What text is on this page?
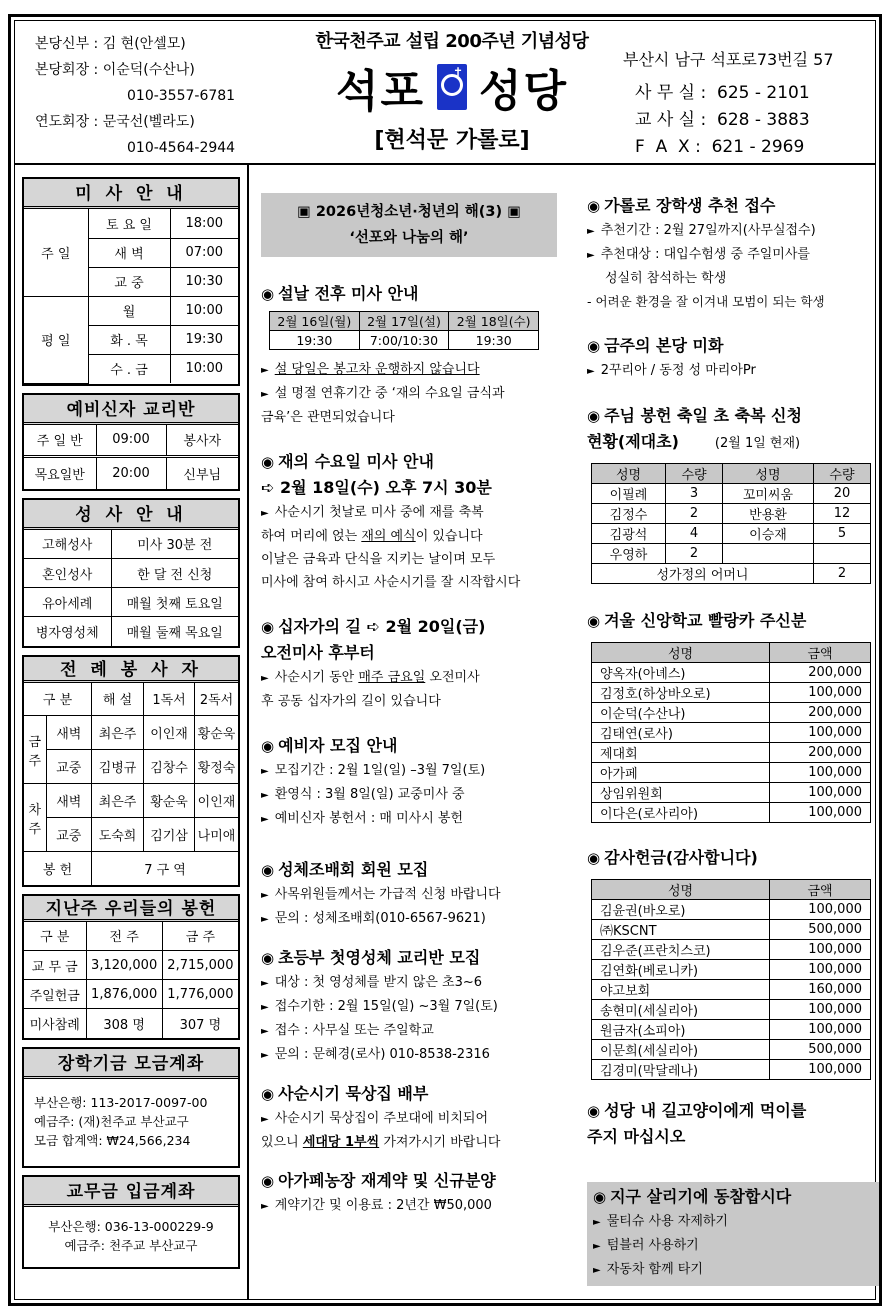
본당신부 : 김 현(안셀모)
본당회장 : 이순덕(수산나)
010-3557-6781
연도회장 : 문국선(벨라도)
010-4564-2944
한국천주교 설립 200주년 기념성당
석포 ✝ 성당
[현석문 가롤로]
부산시 남구 석포로73번길 57
사 무 실 :  625 - 2101
교 사 실 :  628 - 3883
F  A  X :  621 - 2969
미 사 안 내
주 일	토 요 일	18:00
	새 벽	07:00
	교 중	10:30
평 일	월	10:00
	화 . 목	19:30
	수 . 금	10:00
예비신자 교리반
주 일 반	09:00	봉사자
목요일반	20:00	신부님
성 사 안 내
고해성사	미사 30분 전
혼인성사	한 달 전 신청
유아세례	매월 첫째 토요일
병자영성체	매월 둘째 목요일
전 례 봉 사 자
구 분		해 설	1독서	2독서
금주	새벽	최은주	이인재	황순욱
	교중	김병규	김창수	황정숙
차주	새벽	최은주	황순욱	이인재
	교중	도숙희	김기삼	나미애
봉 헌		7 구 역		
지난주 우리들의 봉헌
구 분	전 주	금 주
교 무 금	3,120,000	2,715,000
주일헌금	1,876,000	1,776,000
미사참례	308 명	307 명
장학기금 모금계좌
부산은행: 113-2017-0097-00
예금주: (재)천주교 부산교구
모금 합계액: ₩24,566,234
교무금 입금계좌
부산은행: 036-13-000229-9
예금주: 천주교 부산교구
▣ 2026년청소년·청년의 해(3) ▣
‘선포와 나눔의 해’
◉ 설날 전후 미사 안내
2월 16일(월)	2월 17일(설)	2월 18일(수)
19:30	7:00/10:30	19:30
► 설 당일은 봉고차 운행하지 않습니다
► 설 명절 연휴기간 중 ‘재의 수요일 금식과
금육’은 관면되었습니다
◉ 재의 수요일 미사 안내
➪ 2월 18일(수) 오후 7시 30분
► 사순시기 첫날로 미사 중에 재를 축복
하여 머리에 얹는 재의 예식이 있습니다
이날은 금육과 단식을 지키는 날이며 모두
미사에 참여 하시고 사순시기를 잘 시작합시다
◉ 십자가의 길 ➪ 2월 20일(금)
오전미사 후부터
► 사순시기 동안 매주 금요일 오전미사
후 공동 십자가의 길이 있습니다
◉ 예비자 모집 안내
► 모집기간 : 2월 1일(일) –3월 7일(토)
► 환영식 : 3월 8일(일) 교중미사 중
► 예비신자 봉헌서 : 매 미사시 봉헌
◉ 성체조배회 회원 모집
► 사목위원들께서는 가급적 신청 바랍니다
► 문의 : 성체조배회(010-6567-9621)
◉ 초등부 첫영성체 교리반 모집
► 대상 : 첫 영성체를 받지 않은 초3~6
► 접수기한 : 2월 15일(일) ~3월 7일(토)
► 접수 : 사무실 또는 주일학교
► 문의 : 문혜경(로사) 010-8538-2316
◉ 사순시기 묵상집 배부
► 사순시기 묵상집이 주보대에 비치되어
있으니 세대당 1부씩 가져가시기 바랍니다
◉ 아가페농장 재계약 및 신규분양
► 계약기간 및 이용료 : 2년간 ₩50,000
◉ 가롤로 장학생 추천 접수
► 추천기간 : 2월 27일까지(사무실접수)
► 추천대상 : 대입수험생 중 주일미사를
성실히 참석하는 학생
- 어려운 환경을 잘 이겨내 모범이 되는 학생
◉ 금주의 본당 미화
► 2꾸리아 / 동정 성 마리아Pr
◉ 주님 봉헌 축일 초 축복 신청
현황(제대초)	(2월 1일 현재)
성명	수량	성명	수량
이필례	3	꼬미씨움	20
김정수	2	반용환	12
김광석	4	이승재	5
우영하	2		
성가정의 어머니			2
◉ 겨울 신앙학교 빨랑카 주신분
성명	금액
양옥자(아녜스)	200,000
김정호(하상바오로)	100,000
이순덕(수산나)	200,000
김태연(로사)	100,000
제대회	200,000
아가페	100,000
상임위원회	100,000
이다은(로사리아)	100,000
◉ 감사헌금(감사합니다)
성명	금액
김윤권(바오로)	100,000
㈜KSCNT	500,000
김우준(프란치스코)	100,000
김연화(베로니카)	100,000
야고보회	160,000
송현미(세실리아)	100,000
원금자(소피아)	100,000
이문희(세실리아)	500,000
김경미(막달레나)	100,000
◉ 성당 내 길고양이에게 먹이를
주지 마십시오
◉ 지구 살리기에 동참합시다
► 물티슈 사용 자제하기
► 텀블러 사용하기
► 자동차 함께 타기
